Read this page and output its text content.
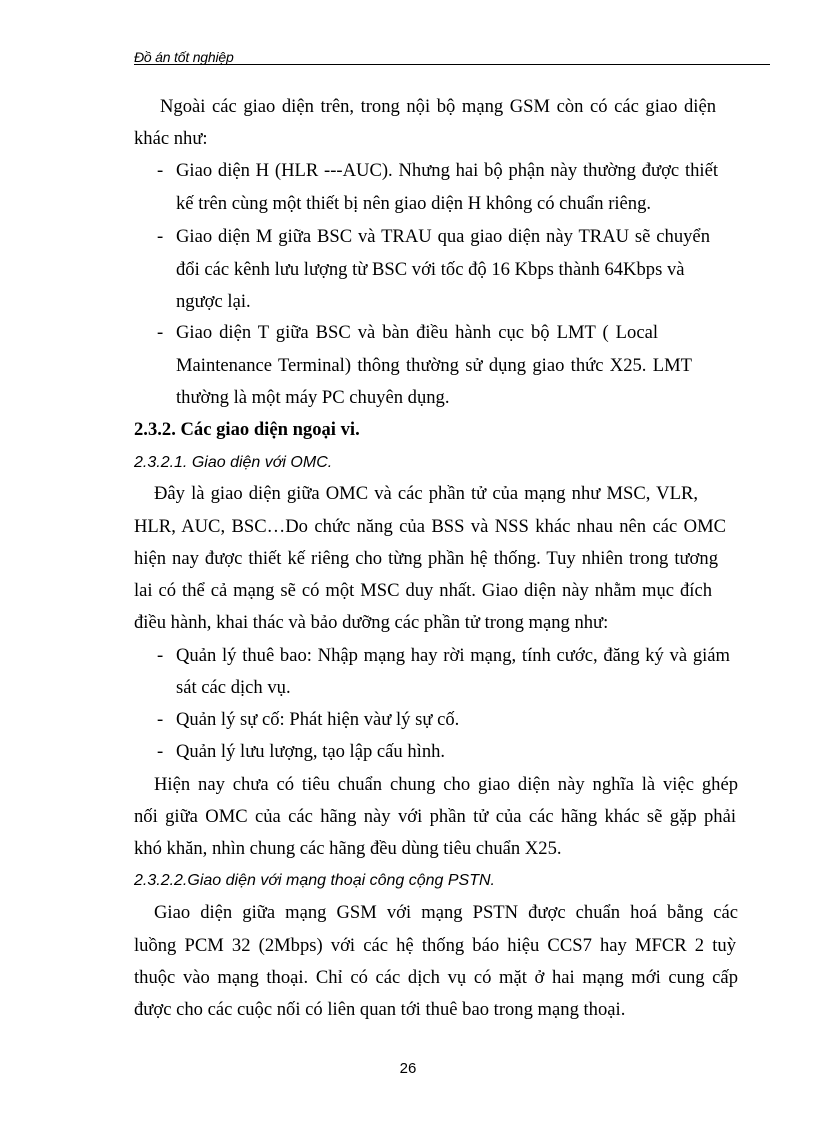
Đồ án tốt nghiệp
Ngoài các giao diện trên, trong nội bộ mạng GSM còn có các giao diện
khác như:
- Giao diện H (HLR ---AUC). Nhưng hai bộ phận này thường được thiết
kế trên cùng một thiết bị nên giao diện H không có chuẩn riêng.
- Giao diện M giữa BSC và TRAU qua giao diện này TRAU sẽ chuyển
đổi các kênh lưu lượng từ BSC với tốc độ 16 Kbps thành 64Kbps và
ngược lại.
- Giao diện T giữa BSC và bàn điều hành cục bộ LMT ( Local
Maintenance Terminal) thông thường sử dụng giao thức X25. LMT
thường là một máy PC chuyên dụng.
2.3.2. Các giao diện ngoại vi.
2.3.2.1. Giao diện với OMC.
Đây là giao diện giữa OMC và các phần tử của mạng như MSC, VLR,
HLR, AUC, BSC…Do chức năng của BSS và NSS khác nhau nên các OMC
hiện nay được thiết kế riêng cho từng phần hệ thống. Tuy nhiên trong tương
lai có thể cả mạng sẽ có một MSC duy nhất. Giao diện này nhằm mục đích
điều hành, khai thác và bảo dưỡng các phần tử trong mạng như:
- Quản lý thuê bao: Nhập mạng hay rời mạng, tính cước, đăng ký và giám
sát các dịch vụ.
- Quản lý sự cố: Phát hiện vàư lý sự cố.
- Quản lý lưu lượng, tạo lập cấu hình.
Hiện nay chưa có tiêu chuẩn chung cho giao diện này nghĩa là việc ghép
nối giữa OMC của các hãng này với phần tử của các hãng khác sẽ gặp phải
khó khăn, nhìn chung các hãng đều dùng tiêu chuẩn X25.
2.3.2.2.Giao diện với mạng thoại công cộng PSTN.
Giao diện giữa mạng GSM với mạng PSTN được chuẩn hoá bằng các
luồng PCM 32 (2Mbps) với các hệ thống báo hiệu CCS7 hay MFCR 2 tuỳ
thuộc vào mạng thoại. Chỉ có các dịch vụ có mặt ở hai mạng mới cung cấp
được cho các cuộc nối có liên quan tới thuê bao trong mạng thoại.
26
